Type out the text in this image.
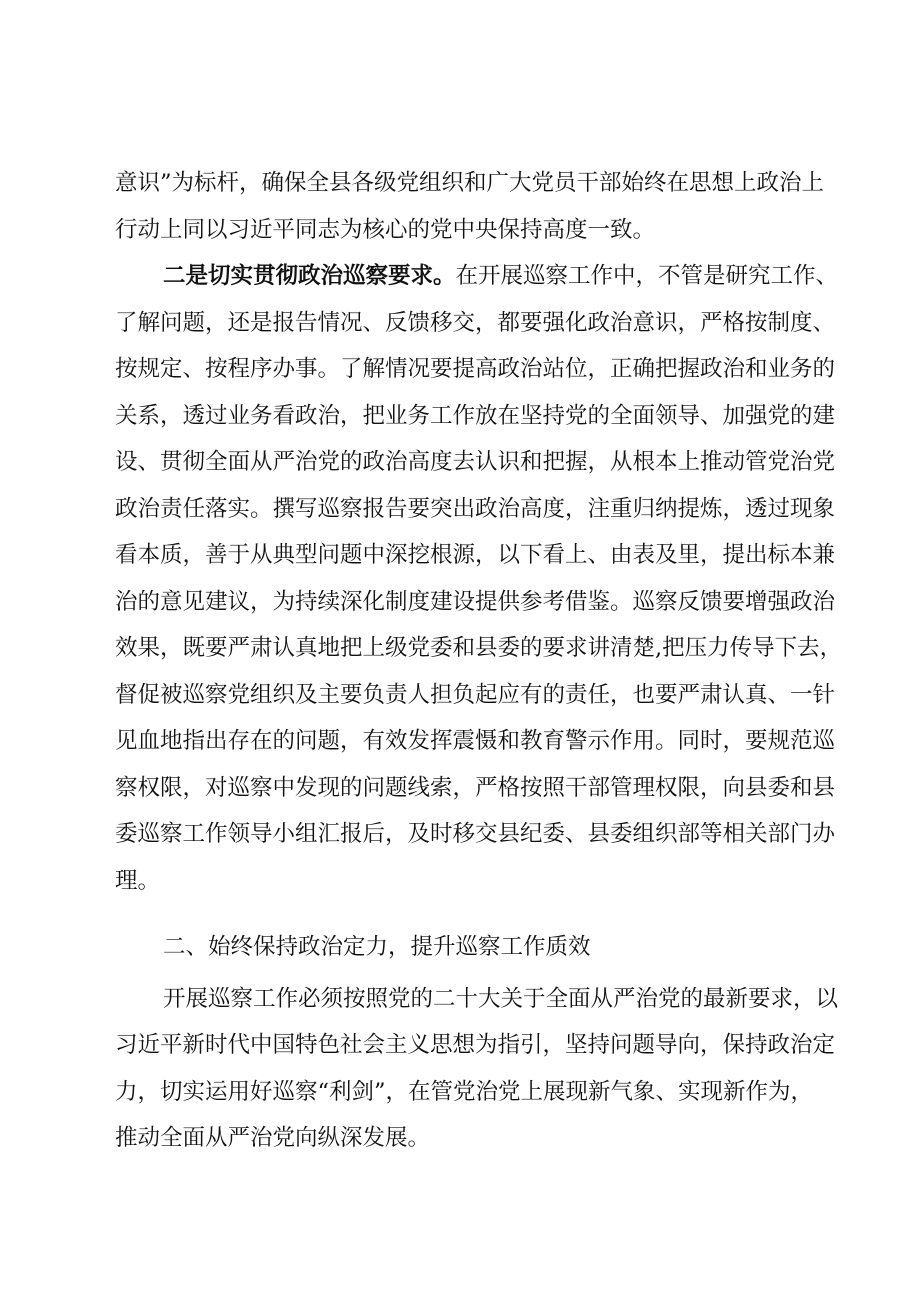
意识”为标杆，确保全县各级党组织和广大党员干部始终在思想上政治上
行动上同以习近平同志为核心的党中央保持高度一致。
二是切实贯彻政治巡察要求。在开展巡察工作中，不管是研究工作、
了解问题，还是报告情况、反馈移交，都要强化政治意识，严格按制度、
按规定、按程序办事。了解情况要提高政治站位，正确把握政治和业务的
关系，透过业务看政治，把业务工作放在坚持党的全面领导、加强党的建
设、贯彻全面从严治党的政治高度去认识和把握，从根本上推动管党治党
政治责任落实。撰写巡察报告要突出政治高度，注重归纳提炼，透过现象
看本质，善于从典型问题中深挖根源，以下看上、由表及里，提出标本兼
治的意见建议，为持续深化制度建设提供参考借鉴。巡察反馈要增强政治
效果，既要严肃认真地把上级党委和县委的要求讲清楚,把压力传导下去，
督促被巡察党组织及主要负责人担负起应有的责任，也要严肃认真、一针
见血地指出存在的问题，有效发挥震慑和教育警示作用。同时，要规范巡
察权限，对巡察中发现的问题线索，严格按照干部管理权限，向县委和县
委巡察工作领导小组汇报后，及时移交县纪委、县委组织部等相关部门办
理。
二、始终保持政治定力，提升巡察工作质效
开展巡察工作必须按照党的二十大关于全面从严治党的最新要求，以
习近平新时代中国特色社会主义思想为指引，坚持问题导向，保持政治定
力，切实运用好巡察“利剑”，在管党治党上展现新气象、实现新作为，
推动全面从严治党向纵深发展。
